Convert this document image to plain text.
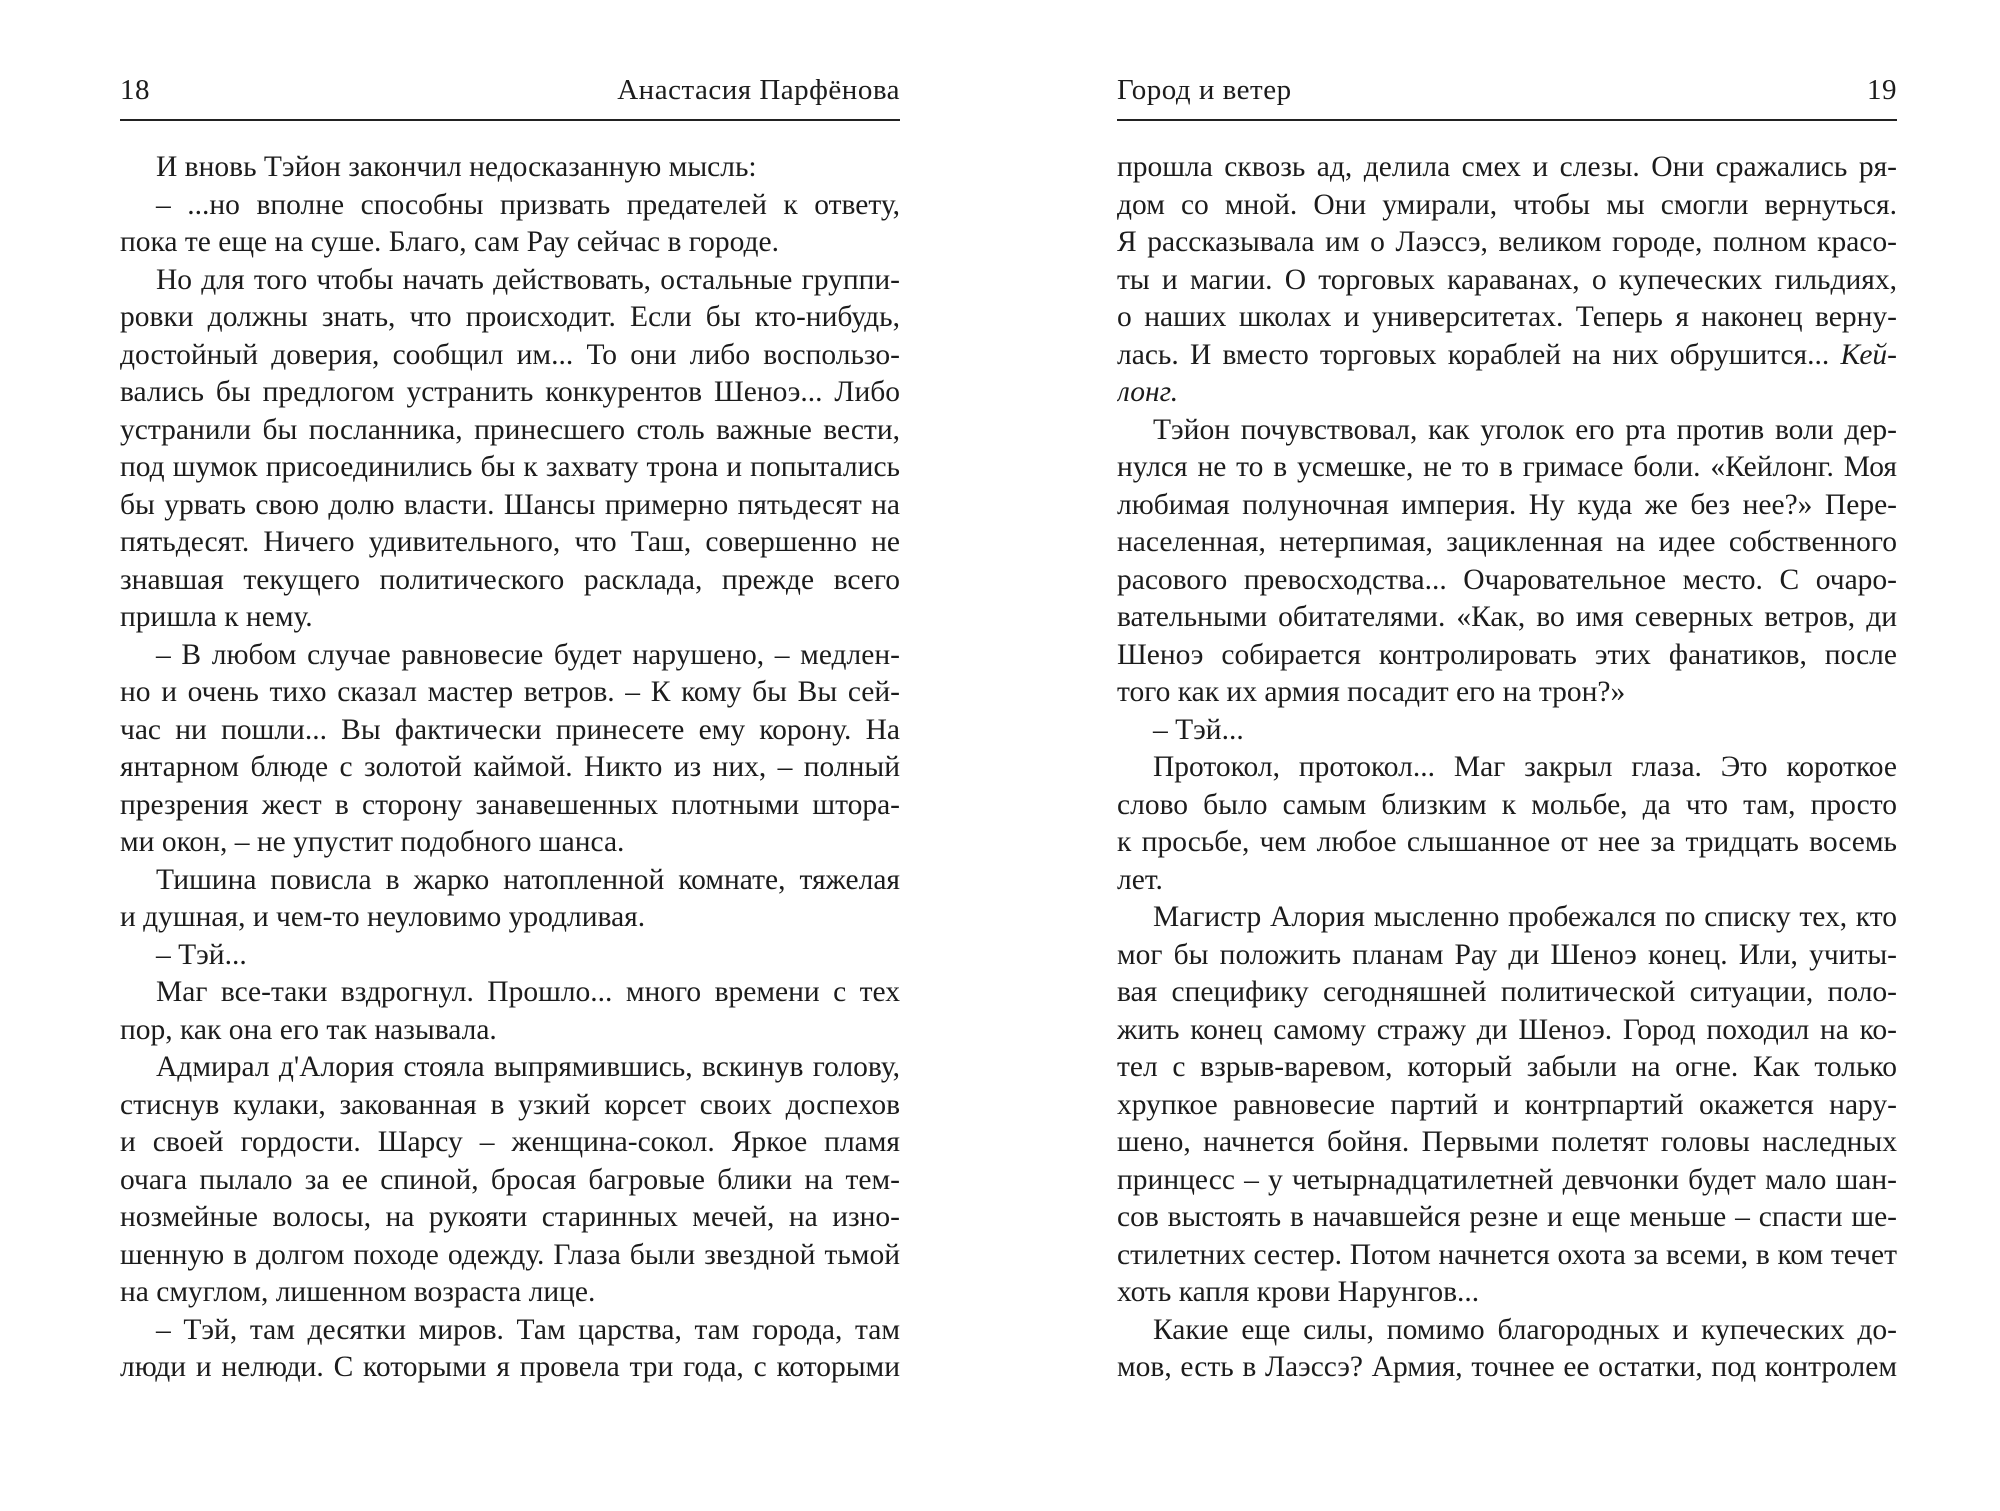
18	Анастасия Парфёнова
И вновь Тэйон закончил недосказанную мысль:
– ...но вполне способны призвать предателей к ответу,
пока те еще на суше. Благо, сам Рау сейчас в городе.
Но для того чтобы начать действовать, остальные группи-
ровки должны знать, что происходит. Если бы кто-нибудь,
достойный доверия, сообщил им... То они либо воспользо-
вались бы предлогом устранить конкурентов Шеноэ... Либо
устранили бы посланника, принесшего столь важные вести,
под шумок присоединились бы к захвату трона и попытались
бы урвать свою долю власти. Шансы примерно пятьдесят на
пятьдесят. Ничего удивительного, что Таш, совершенно не
знавшая текущего политического расклада, прежде всего
пришла к нему.
– В любом случае равновесие будет нарушено, – медлен-
но и очень тихо сказал мастер ветров. – К кому бы Вы сей-
час ни пошли... Вы фактически принесете ему корону. На
янтарном блюде с золотой каймой. Никто из них, – полный
презрения жест в сторону занавешенных плотными штора-
ми окон, – не упустит подобного шанса.
Тишина повисла в жарко натопленной комнате, тяжелая
и душная, и чем-то неуловимо уродливая.
– Тэй...
Маг все-таки вздрогнул. Прошло... много времени с тех
пор, как она его так называла.
Адмирал д'Алория стояла выпрямившись, вскинув голову,
стиснув кулаки, закованная в узкий корсет своих доспехов
и своей гордости. Шарсу – женщина-сокол. Яркое пламя
очага пылало за ее спиной, бросая багровые блики на тем-
нозмейные волосы, на рукояти старинных мечей, на изно-
шенную в долгом походе одежду. Глаза были звездной тьмой
на смуглом, лишенном возраста лице.
– Тэй, там десятки миров. Там царства, там города, там
люди и нелюди. С которыми я провела три года, с которыми
Город и ветер	19
прошла сквозь ад, делила смех и слезы. Они сражались ря-
дом со мной. Они умирали, чтобы мы смогли вернуться.
Я рассказывала им о Лаэссэ, великом городе, полном красо-
ты и магии. О торговых караванах, о купеческих гильдиях,
о наших школах и университетах. Теперь я наконец верну-
лась. И вместо торговых кораблей на них обрушится... Кей-
лонг.
Тэйон почувствовал, как уголок его рта против воли дер-
нулся не то в усмешке, не то в гримасе боли. «Кейлонг. Моя
любимая полуночная империя. Ну куда же без нее?» Пере-
населенная, нетерпимая, зацикленная на идее собственного
расового превосходства... Очаровательное место. С очаро-
вательными обитателями. «Как, во имя северных ветров, ди
Шеноэ собирается контролировать этих фанатиков, после
того как их армия посадит его на трон?»
– Тэй...
Протокол, протокол... Маг закрыл глаза. Это короткое
слово было самым близким к мольбе, да что там, просто
к просьбе, чем любое слышанное от нее за тридцать восемь
лет.
Магистр Алория мысленно пробежался по списку тех, кто
мог бы положить планам Рау ди Шеноэ конец. Или, учиты-
вая специфику сегодняшней политической ситуации, поло-
жить конец самому стражу ди Шеноэ. Город походил на ко-
тел с взрыв-варевом, который забыли на огне. Как только
хрупкое равновесие партий и контрпартий окажется нару-
шено, начнется бойня. Первыми полетят головы наследных
принцесс – у четырнадцатилетней девчонки будет мало шан-
сов выстоять в начавшейся резне и еще меньше – спасти ше-
стилетних сестер. Потом начнется охота за всеми, в ком течет
хоть капля крови Нарунгов...
Какие еще силы, помимо благородных и купеческих до-
мов, есть в Лаэссэ? Армия, точнее ее остатки, под контролем
